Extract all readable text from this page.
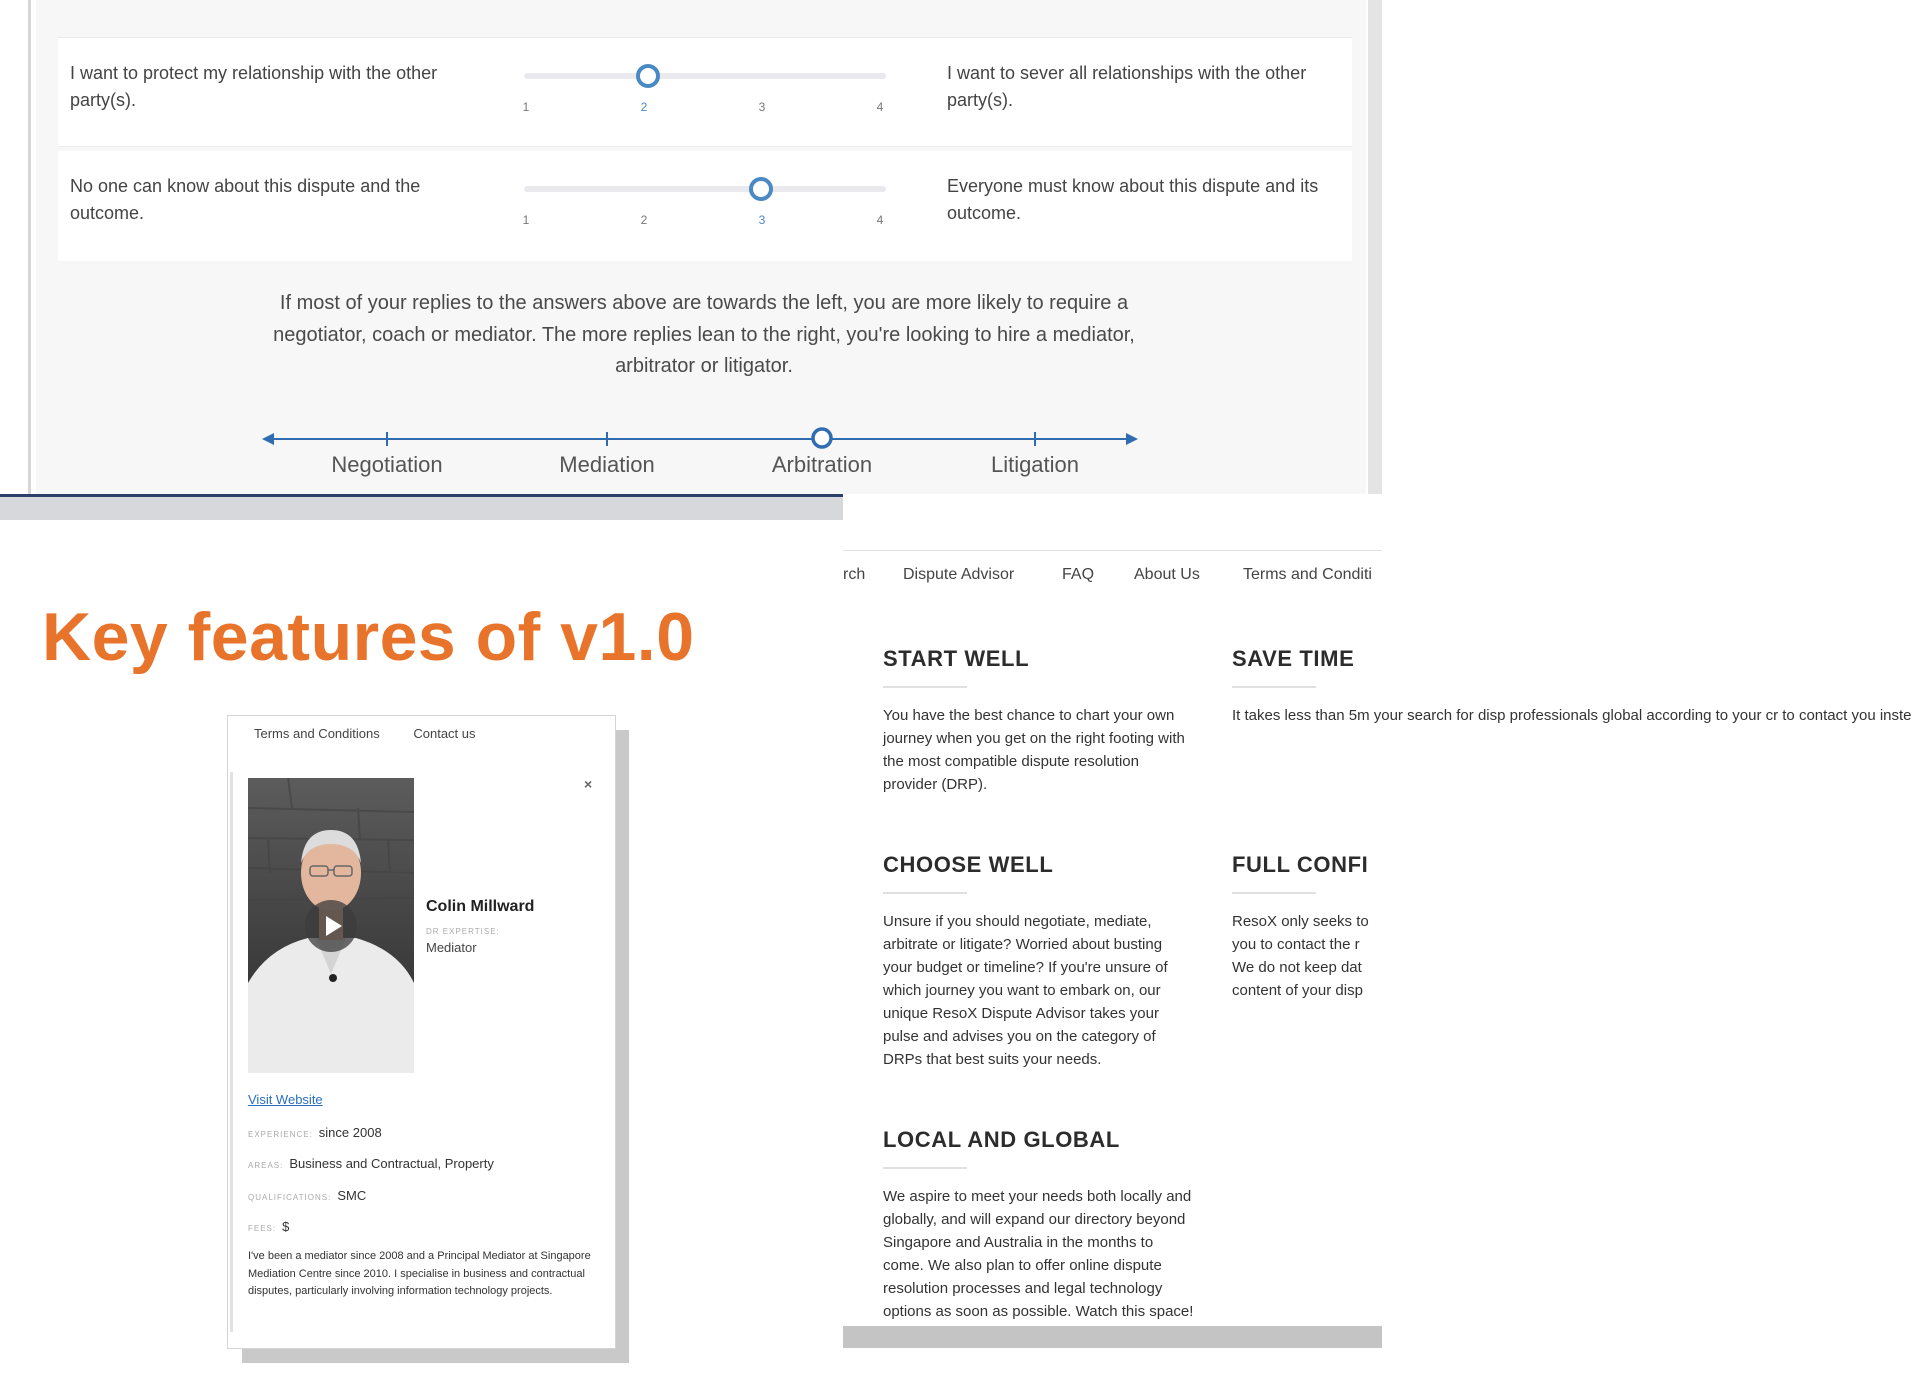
I want to protect my relationship with the other party(s).	1	2	3	4
I want to sever all relationships with the other party(s).
No one can know about this dispute and the outcome.	1	2	3	4
Everyone must know about this dispute and its outcome.
If most of your replies to the answers above are towards the left, you are more likely to require a negotiator, coach or mediator. The more replies lean to the right, you're looking to hire a mediator, arbitrator or litigator.
Negotiation	Mediation	Arbitration	Litigation
Key features of v1.0
Terms and Conditions	Contact us
×
Colin Millward
DR EXPERTISE:
Mediator
Visit Website
EXPERIENCE: since 2008
AREAS: Business and Contractual, Property
QUALIFICATIONS: SMC
FEES: $
I've been a mediator since 2008 and a Principal Mediator at Singapore Mediation Centre since 2010. I specialise in business and contractual disputes, particularly involving information technology projects.
rch Dispute Advisor	FAQ About Us	Terms and Conditi
START WELL
You have the best chance to chart your own journey when you get on the right footing with the most compatible dispute resolution provider (DRP).
SAVE TIME
It takes less than 5m your search for disp professionals global according to your cr to contact you inste
CHOOSE WELL
Unsure if you should negotiate, mediate, arbitrate or litigate? Worried about busting your budget or timeline? If you're unsure of which journey you want to embark on, our unique ResoX Dispute Advisor takes your pulse and advises you on the category of DRPs that best suits your needs.
FULL CONFI
ResoX only seeks to you to contact the r We do not keep dat content of your disp
LOCAL AND GLOBAL
We aspire to meet your needs both locally and globally, and will expand our directory beyond Singapore and Australia in the months to come. We also plan to offer online dispute resolution processes and legal technology options as soon as possible. Watch this space!
